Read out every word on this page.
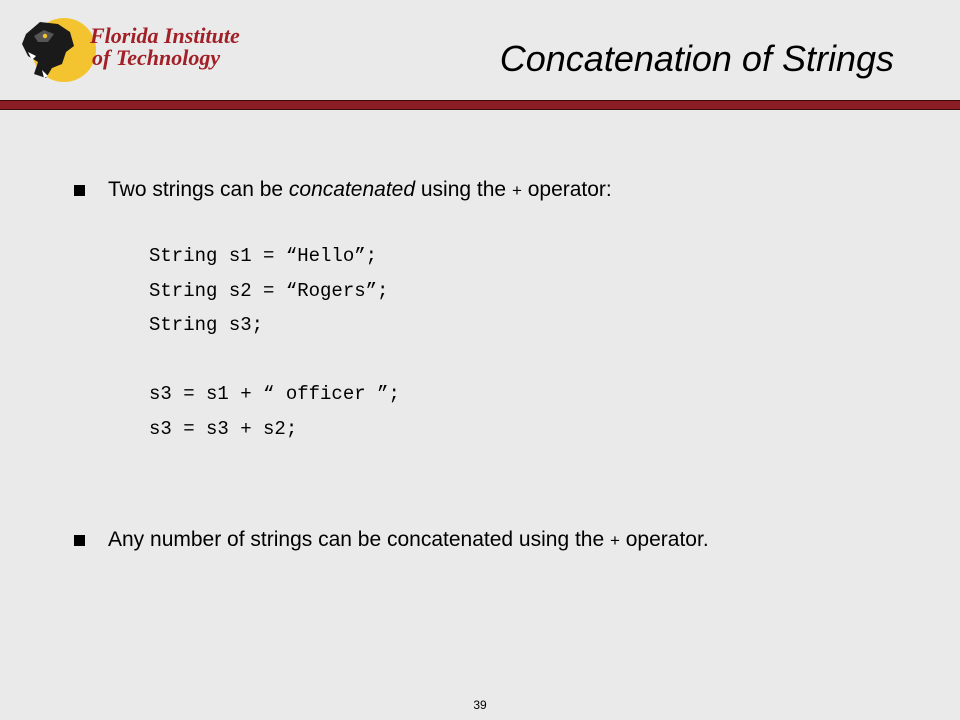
Florida Institute
of Technology	Concatenation of Strings
Two strings can be concatenated using the + operator:
String s1 = “Hello”;
String s2 = “Rogers”;
String s3;
s3 = s1 + “ officer ”;
s3 = s3 + s2;
Any number of strings can be concatenated using the + operator.
39
